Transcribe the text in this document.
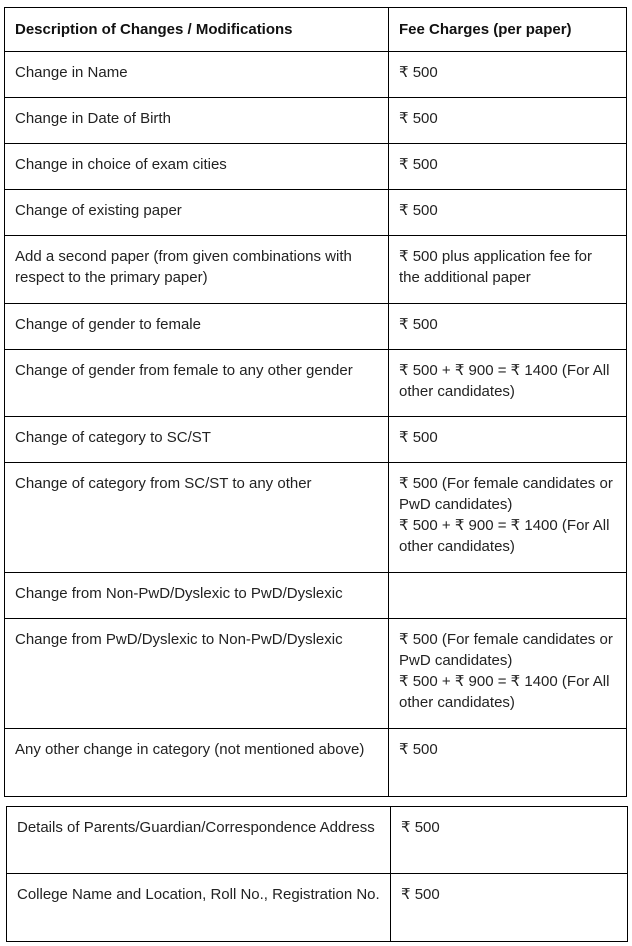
Description of Changes / Modifications	Fee Charges (per paper)

Change in Name	₹ 500

Change in Date of Birth	₹ 500

Change in choice of exam cities	₹ 500

Change of existing paper	₹ 500

Add a second paper (from given combinations with respect to the primary paper)	₹ 500 plus application fee for the additional paper

Change of gender to female	₹ 500

Change of gender from female to any other gender	₹ 500 + ₹ 900 = ₹ 1400 (For All other candidates)

Change of category to SC/ST	₹ 500

Change of category from SC/ST to any other	₹ 500 (For female candidates or PwD candidates)
₹ 500 + ₹ 900 = ₹ 1400 (For All other candidates)

Change from Non-PwD/Dyslexic to PwD/Dyslexic	

Change from PwD/Dyslexic to Non-PwD/Dyslexic	₹ 500 (For female candidates or PwD candidates)
₹ 500 + ₹ 900 = ₹ 1400 (For All other candidates)

Any other change in category (not mentioned above)	₹ 500
Details of Parents/Guardian/Correspondence Address	₹ 500

College Name and Location, Roll No., Registration No.	₹ 500
